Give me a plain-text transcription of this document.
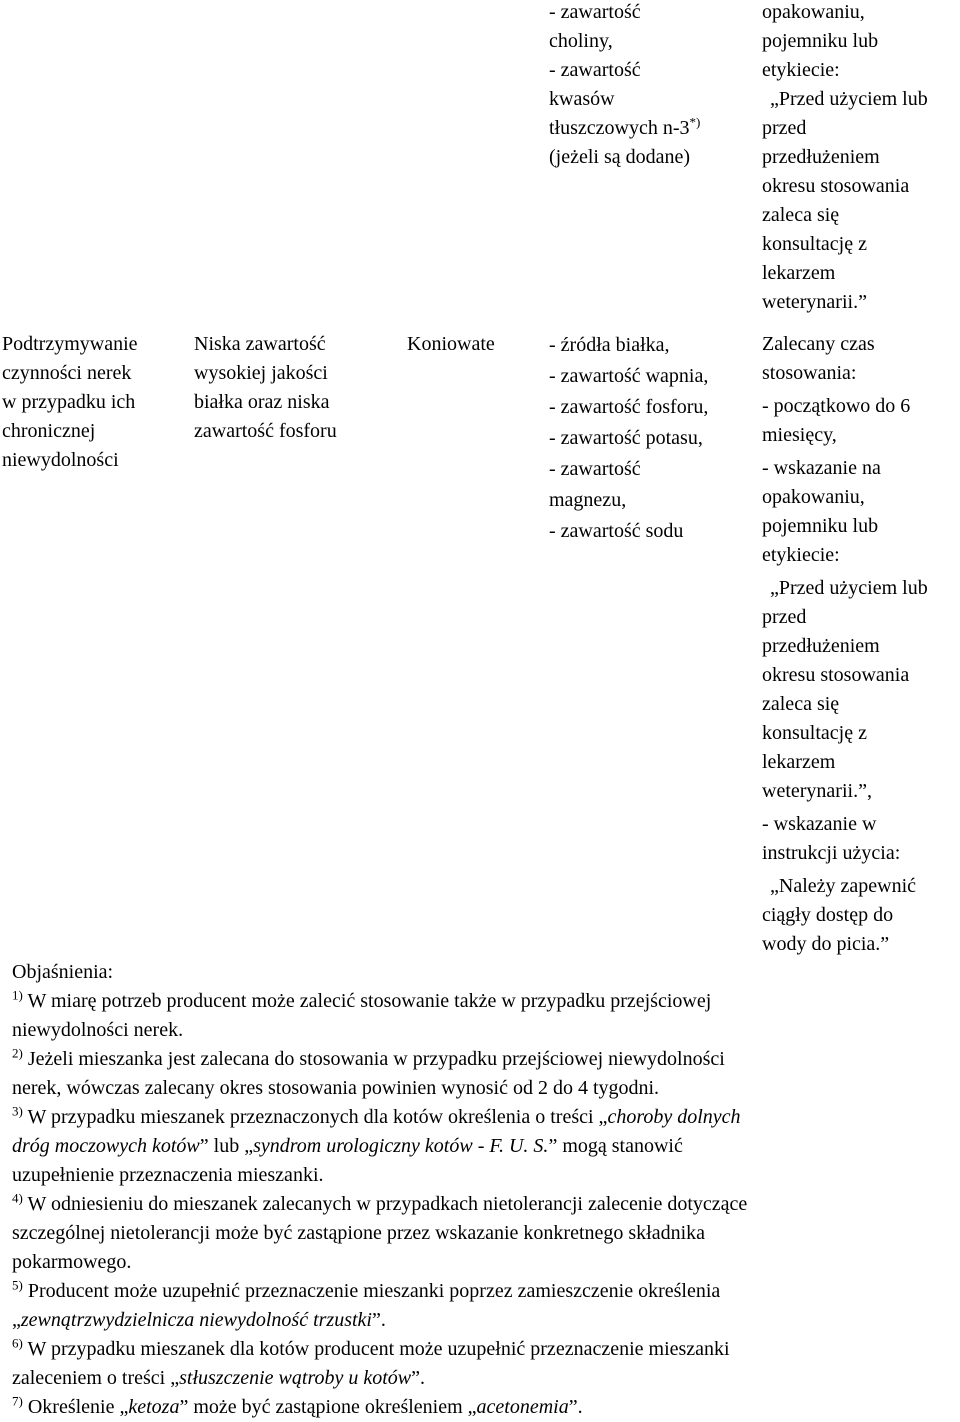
- zawartość
choliny,
- zawartość
kwasów
tłuszczowych n-3*)
(jeżeli są dodane)
opakowaniu,
pojemniku lub
etykiecie:
„Przed użyciem lub
przed
przedłużeniem
okresu stosowania
zaleca się
konsultację z
lekarzem
weterynarii.”
Podtrzymywanie
czynności nerek
w przypadku ich
chronicznej
niewydolności
Niska zawartość
wysokiej jakości
białka oraz niska
zawartość fosforu
Koniowate	- źródła białka,
- zawartość wapnia,
- zawartość fosforu,
- zawartość potasu,
- zawartość
magnezu,
- zawartość sodu
Zalecany czas
stosowania:
- początkowo do 6
miesięcy,
- wskazanie na
opakowaniu,
pojemniku lub
etykiecie:
„Przed użyciem lub
przed
przedłużeniem
okresu stosowania
zaleca się
konsultację z
lekarzem
weterynarii.”,
- wskazanie w
instrukcji użycia:
„Należy zapewnić
ciągły dostęp do
wody do picia.”
Objaśnienia:
$^{1)}$ W miarę potrzeb producent może zalecić stosowanie także w przypadku przejściowej
niewydolności nerek.
$^{2)}$ Jeżeli mieszanka jest zalecana do stosowania w przypadku przejściowej niewydolności
nerek, wówczas zalecany okres stosowania powinien wynosić od 2 do 4 tygodni.
$^{3)}$ W przypadku mieszanek przeznaczonych dla kotów określenia o treści „choroby dolnych
dróg moczowych kotów” lub „syndrom urologiczny kotów - F. U. S.” mogą stanowić
uzupełnienie przeznaczenia mieszanki.
$^{4)}$ W odniesieniu do mieszanek zalecanych w przypadkach nietolerancji zalecenie dotyczące
szczególnej nietolerancji może być zastąpione przez wskazanie konkretnego składnika
pokarmowego.
$^{5)}$ Producent może uzupełnić przeznaczenie mieszanki poprzez zamieszczenie określenia
„zewnątrzwydzielnicza niewydolność trzustki”.
$^{6)}$ W przypadku mieszanek dla kotów producent może uzupełnić przeznaczenie mieszanki
zaleceniem o treści „stłuszczenie wątroby u kotów”.
$^{7)}$ Określenie „ketoza” może być zastąpione określeniem „acetonemia”.
